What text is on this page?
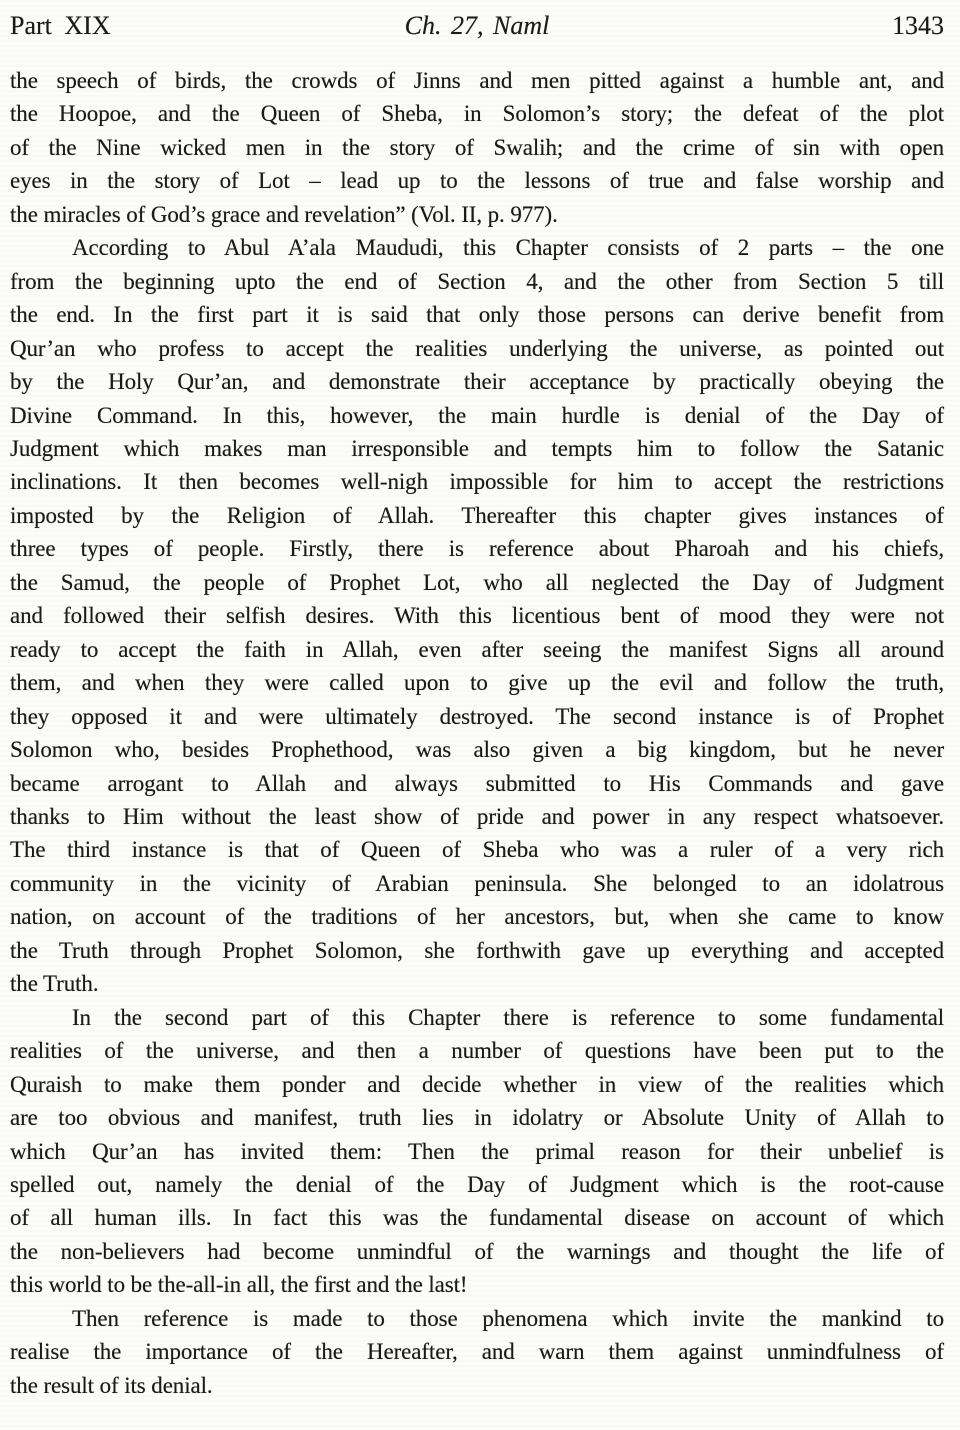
Part XIX	Ch. 27, Naml	1343
the speech of birds, the crowds of Jinns and men pitted against a humble ant, and
the Hoopoe, and the Queen of Sheba, in Solomon’s story; the defeat of the plot
of the Nine wicked men in the story of Swalih; and the crime of sin with open
eyes in the story of Lot – lead up to the lessons of true and false worship and
the miracles of God’s grace and revelation” (Vol. II, p. 977).
According to Abul A’ala Maududi, this Chapter consists of 2 parts – the one
from the beginning upto the end of Section 4, and the other from Section 5 till
the end. In the first part it is said that only those persons can derive benefit from
Qur’an who profess to accept the realities underlying the universe, as pointed out
by the Holy Qur’an, and demonstrate their acceptance by practically obeying the
Divine Command. In this, however, the main hurdle is denial of the Day of
Judgment which makes man irresponsible and tempts him to follow the Satanic
inclinations. It then becomes well-nigh impossible for him to accept the restrictions
imposted by the Religion of Allah. Thereafter this chapter gives instances of
three types of people. Firstly, there is reference about Pharoah and his chiefs,
the Samud, the people of Prophet Lot, who all neglected the Day of Judgment
and followed their selfish desires. With this licentious bent of mood they were not
ready to accept the faith in Allah, even after seeing the manifest Signs all around
them, and when they were called upon to give up the evil and follow the truth,
they opposed it and were ultimately destroyed. The second instance is of Prophet
Solomon who, besides Prophethood, was also given a big kingdom, but he never
became arrogant to Allah and always submitted to His Commands and gave
thanks to Him without the least show of pride and power in any respect whatsoever.
The third instance is that of Queen of Sheba who was a ruler of a very rich
community in the vicinity of Arabian peninsula. She belonged to an idolatrous
nation, on account of the traditions of her ancestors, but, when she came to know
the Truth through Prophet Solomon, she forthwith gave up everything and accepted
the Truth.
In the second part of this Chapter there is reference to some fundamental
realities of the universe, and then a number of questions have been put to the
Quraish to make them ponder and decide whether in view of the realities which
are too obvious and manifest, truth lies in idolatry or Absolute Unity of Allah to
which Qur’an has invited them: Then the primal reason for their unbelief is
spelled out, namely the denial of the Day of Judgment which is the root-cause
of all human ills. In fact this was the fundamental disease on account of which
the non-believers had become unmindful of the warnings and thought the life of
this world to be the-all-in all, the first and the last!
Then reference is made to those phenomena which invite the mankind to
realise the importance of the Hereafter, and warn them against unmindfulness of
the result of its denial.
